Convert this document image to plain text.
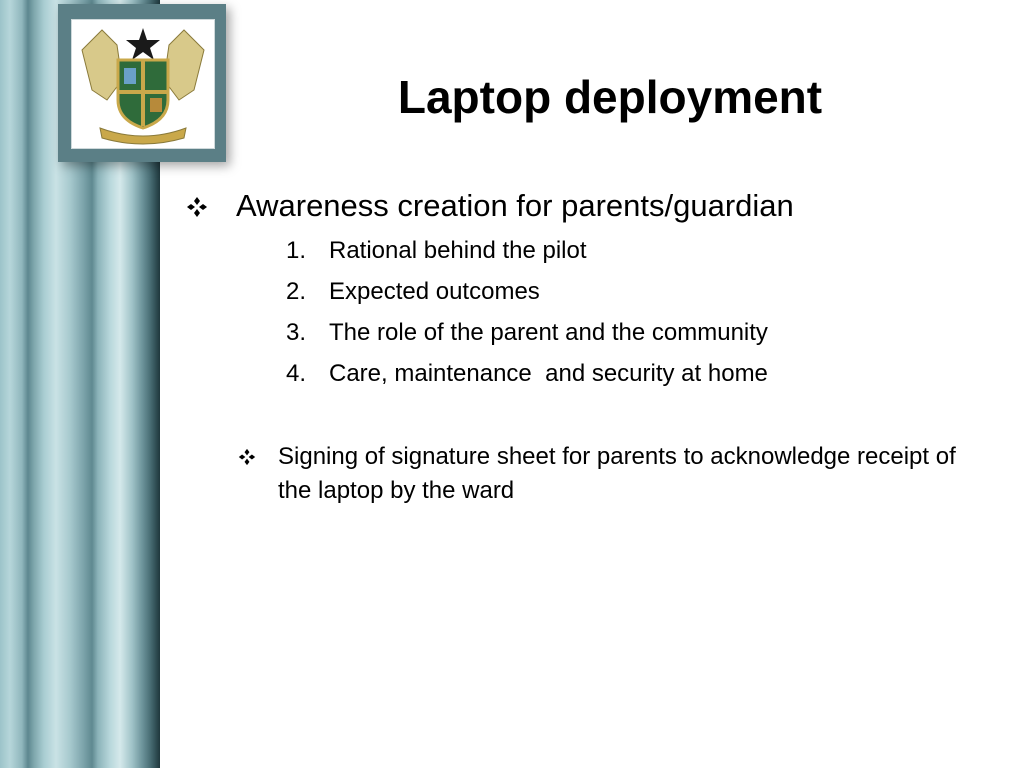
Laptop deployment
Awareness creation for parents/guardian
1. Rational behind the pilot
2. Expected outcomes
3. The role of the parent and the community
4. Care, maintenance  and security at home
Signing of signature sheet for parents to acknowledge receipt of the laptop by the ward
